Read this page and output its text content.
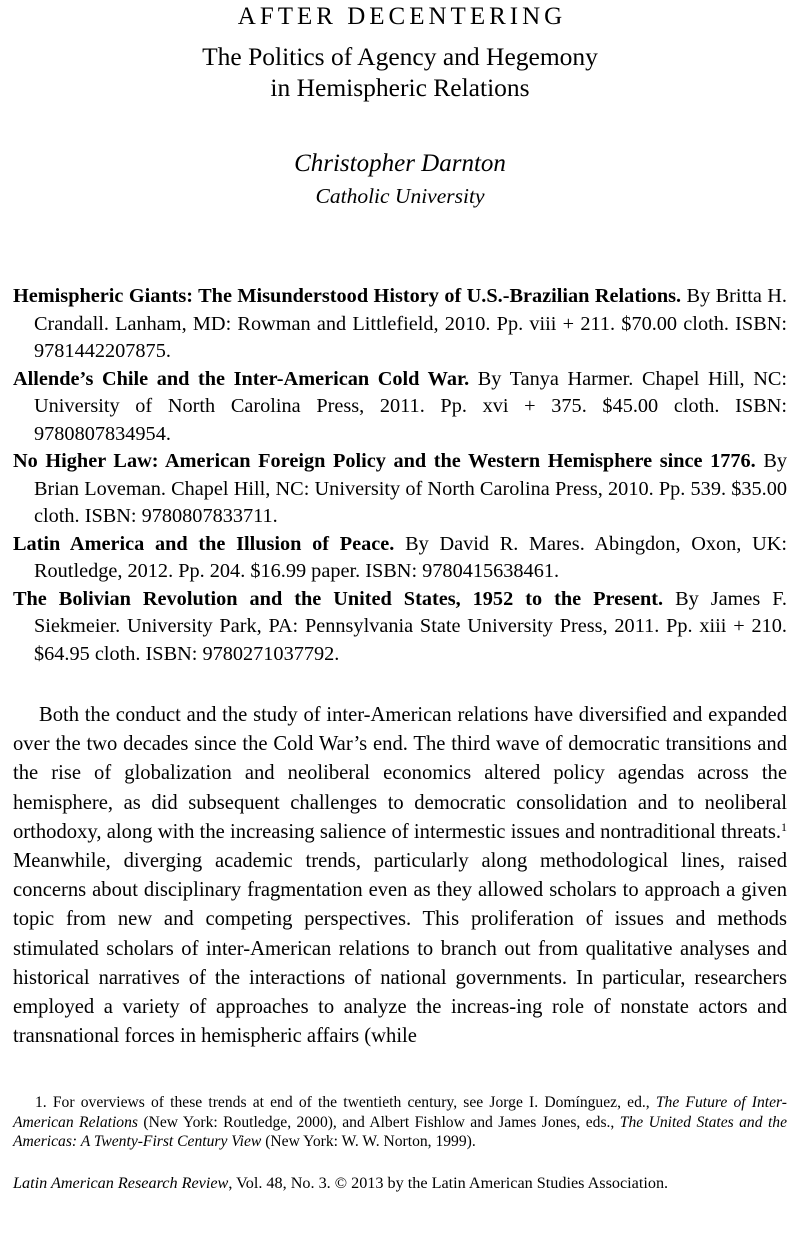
AFTER DECENTERING
The Politics of Agency and Hegemony
in Hemispheric Relations
Christopher Darnton
Catholic University

Hemispheric Giants: The Misunderstood History of U.S.-Brazilian Relations. By Britta H. Crandall. Lanham, MD: Rowman and Littlefield, 2010. Pp. viii + 211. $70.00 cloth. ISBN: 9781442207875.

Allende’s Chile and the Inter-American Cold War. By Tanya Harmer. Chapel Hill, NC: University of North Carolina Press, 2011. Pp. xvi + 375. $45.00 cloth. ISBN: 9780807834954.

No Higher Law: American Foreign Policy and the Western Hemisphere since 1776. By Brian Loveman. Chapel Hill, NC: University of North Carolina Press, 2010. Pp. 539. $35.00 cloth. ISBN: 9780807833711.

Latin America and the Illusion of Peace. By David R. Mares. Abingdon, Oxon, UK: Routledge, 2012. Pp. 204. $16.99 paper. ISBN: 9780415638461.

The Bolivian Revolution and the United States, 1952 to the Present. By James F. Siekmeier. University Park, PA: Pennsylvania State University Press, 2011. Pp. xiii + 210. $64.95 cloth. ISBN: 9780271037792.

Both the conduct and the study of inter-American relations have diversified and expanded over the two decades since the Cold War’s end. The third wave of democratic transitions and the rise of globalization and neoliberal economics altered policy agendas across the hemisphere, as did subsequent challenges to democratic consolidation and to neoliberal orthodoxy, along with the increasing salience of intermestic issues and nontraditional threats.$^1$ Meanwhile, diverging academic trends, particularly along methodological lines, raised concerns about disciplinary fragmentation even as they allowed scholars to approach a given topic from new and competing perspectives. This proliferation of issues and methods stimulated scholars of inter-American relations to branch out from qualitative analyses and historical narratives of the interactions of national governments. In particular, researchers employed a variety of approaches to analyze the increas-ing role of nonstate actors and transnational forces in hemispheric affairs (while

1. For overviews of these trends at end of the twentieth century, see Jorge I. Domínguez, ed., The Future of Inter-American Relations (New York: Routledge, 2000), and Albert Fishlow and James Jones, eds., The United States and the Americas: A Twenty-First Century View (New York: W. W. Norton, 1999).

Latin American Research Review, Vol. 48, No. 3. © 2013 by the Latin American Studies Association.
